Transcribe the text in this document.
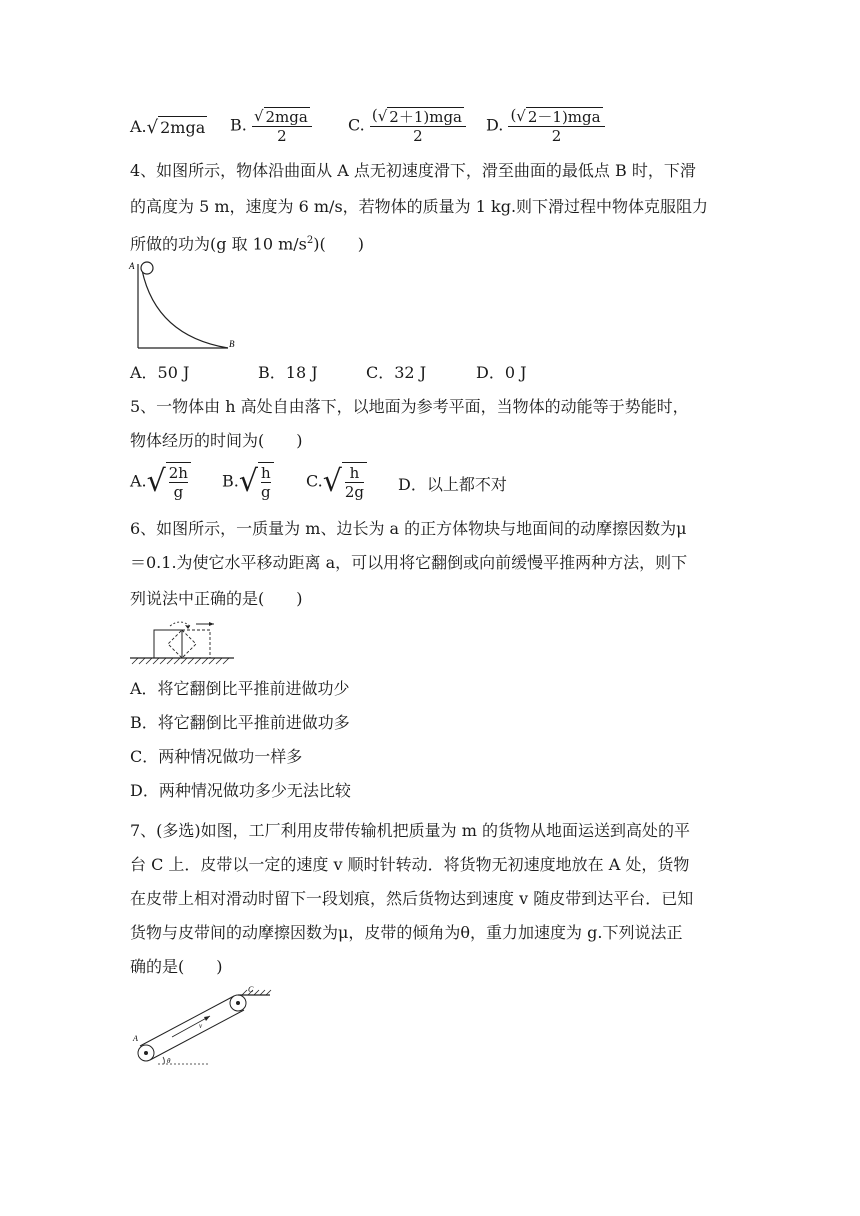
A.√ 2mga B. $\frac{\text{√ 2mga}}{2} C$. $\frac{\text{(√ 2＋1)mga}}{2} D$. $\frac{\text{(√ 2－1)mga}}{2}$
4、如图所示，物体沿曲面从 A 点无初速度滑下，滑至曲面的最低点 B 时，下滑
的高度为 5 m，速度为 6 m/s，若物体的质量为 1 kg.则下滑过程中物体克服阻力
所做的功为(g 取 10 $m/s^2$)(　　)
A
B
A．50 J	B．18 J	C．32 J	D．0 J
5、一物体由 h 高处自由落下，以地面为参考平面，当物体的动能等于势能时，
物体经历的时间为(　　)
$A.√ \frac{2h}{g} B.√ \frac{h}{g} C.√ \frac{h}{2g}$ D．以上都不对
6、如图所示，一质量为 m、边长为 a 的正方体物块与地面间的动摩擦因数为μ
＝0.1.为使它水平移动距离 a，可以用将它翻倒或向前缓慢平推两种方法，则下
列说法中正确的是(　　)
A．将它翻倒比平推前进做功少
B．将它翻倒比平推前进做功多
C．两种情况做功一样多
D．两种情况做功多少无法比较
7、(多选)如图，工厂利用皮带传输机把质量为 m 的货物从地面运送到高处的平
台 C 上．皮带以一定的速度 v 顺时针转动．将货物无初速度地放在 A 处，货物
在皮带上相对滑动时留下一段划痕，然后货物达到速度 v 随皮带到达平台．已知
货物与皮带间的动摩擦因数为μ，皮带的倾角为θ，重力加速度为 g.下列说法正
确的是(　　)
C
A
v
θ
